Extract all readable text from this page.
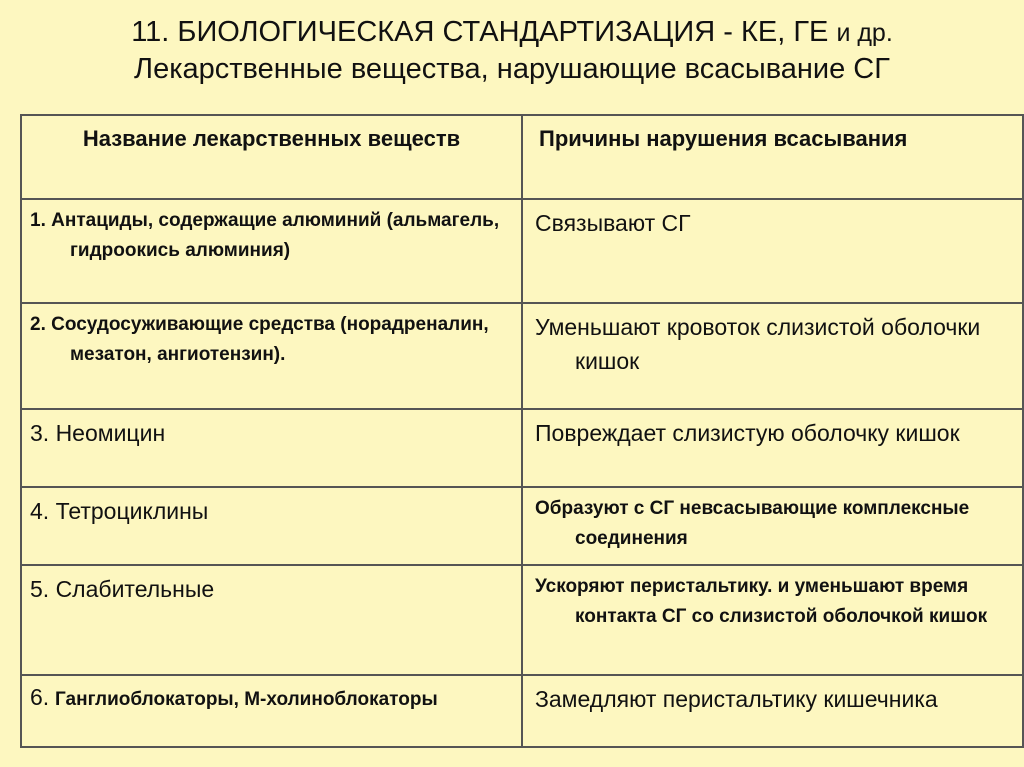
11. БИОЛОГИЧЕСКАЯ СТАНДАРТИЗАЦИЯ - КЕ, ГЕ и др.
Лекарственные вещества, нарушающие всасывание СГ
Название лекарственных веществ	Причины нарушения всасывания

1. Антациды, содержащие алюминий (альмагель, гидроокись алюминия)	Связывают СГ

2. Сосудосуживающие средства (норадреналин, мезатон, ангиотензин).	Уменьшают кровоток слизистой оболочки кишок

3. Неомицин	Повреждает слизистую оболочку кишок

4. Тетроциклины	Образуют с СГ невсасывающие комплексные соединения

5. Слабительные	Ускоряют перистальтику. и уменьшают время контакта СГ со слизистой оболочкой кишок

6. Ганглиоблокаторы, М-холиноблокаторы	Замедляют перистальтику кишечника
